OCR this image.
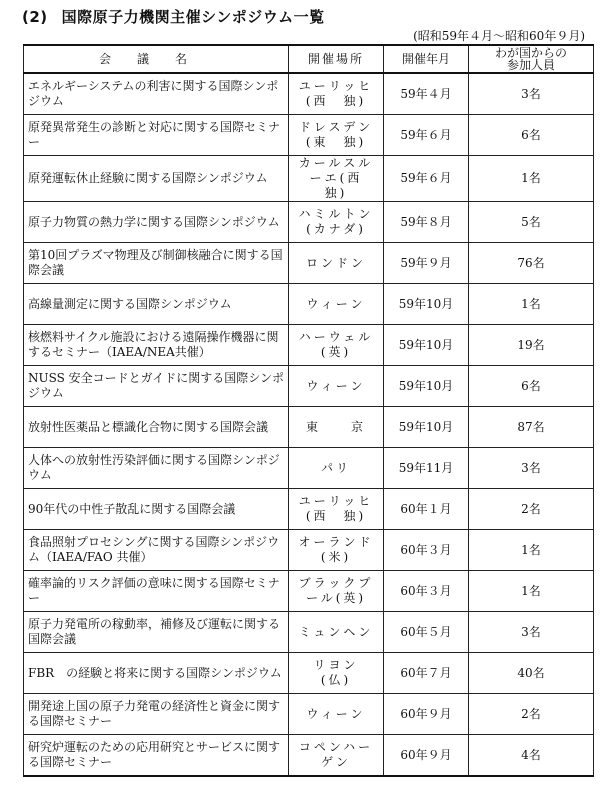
(2) 国際原子力機関主催シンポジウム一覧
(昭和59年４月～昭和60年９月)
会議名	開催場所	開催年月	わが国からの
参加人員

エネルギーシステムの利害に関する国際シンポジウム	ユーリッヒ
(西　独)	59年４月	3名
原発異常発生の診断と対応に関する国際セミナー	ドレスデン
(東　独)	59年６月	6名
原発運転休止経験に関する国際シンポジウム	カールスルーエ(西　独)	59年６月	1名
原子力物質の熱力学に関する国際シンポジウム	ハミルトン
(カナダ)	59年８月	5名
第10回プラズマ物理及び制御核融合に関する国際会議	ロンドン	59年９月	76名
高線量測定に関する国際シンポジウム	ウィーン	59年10月	1名
核燃料サイクル施設における遠隔操作機器に関するセミナー（IAEA/NEA共催）	ハーウェル
(英)	59年10月	19名
NUSS 安全コードとガイドに関する国際シンポジウム	ウィーン	59年10月	6名
放射性医薬品と標識化合物に関する国際会議	東　　京	59年10月	87名
人体への放射性汚染評価に関する国際シンポジウム	パリ	59年11月	3名
90年代の中性子散乱に関する国際会議	ユーリッヒ
(西　独)	60年１月	2名
食品照射プロセシングに関する国際シンポジウム（IAEA/FAO 共催）	オーランド
(米)	60年３月	1名
確率論的リスク評価の意味に関する国際セミナー	ブラックプール(英)	60年３月	1名
原子力発電所の稼動率，補修及び運転に関する国際会議	ミュンヘン	60年５月	3名
FBR　の経験と将来に関する国際シンポジウム	リヨン
(仏)	60年７月	40名
開発途上国の原子力発電の経済性と資金に関する国際セミナー	ウィーン	60年９月	2名
研究炉運転のための応用研究とサービスに関する国際セミナー	コペンハーゲン	60年９月	4名
